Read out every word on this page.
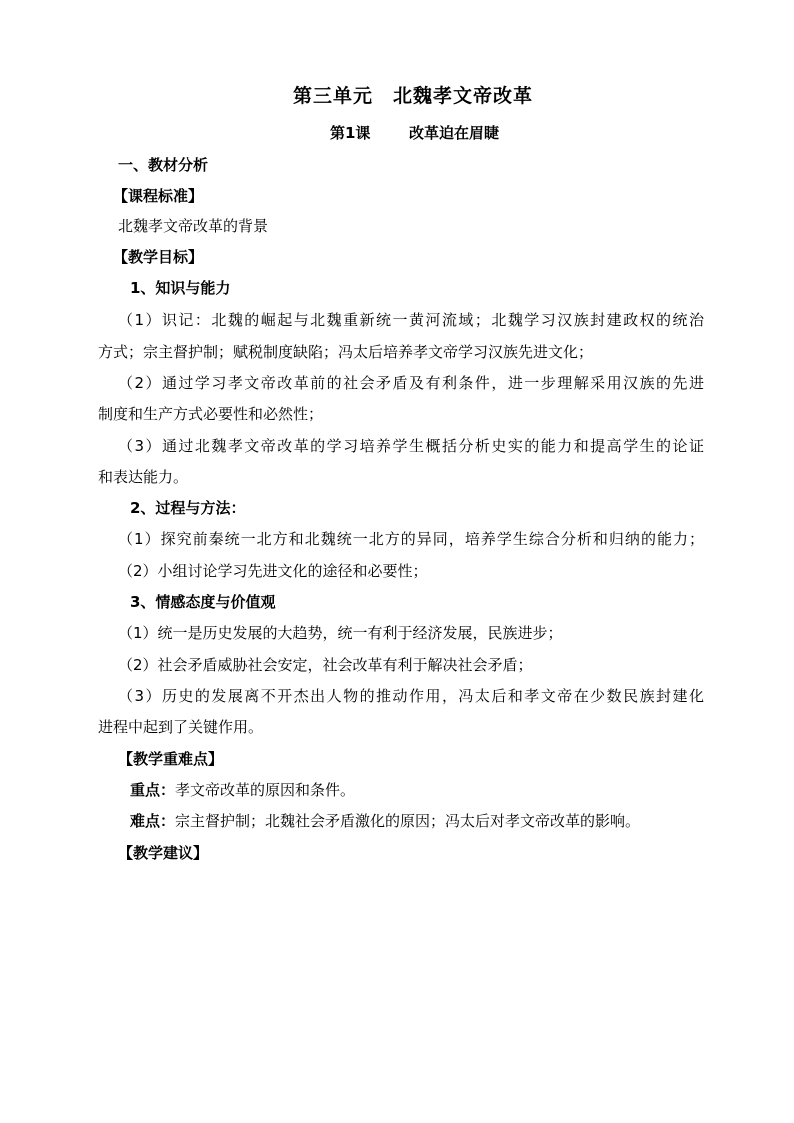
第三单元　北魏孝文帝改革
第1课	改革迫在眉睫
一、教材分析
【课程标准】
北魏孝文帝改革的背景
【教学目标】
1、知识与能力
（1）识记：北魏的崛起与北魏重新统一黄河流域；北魏学习汉族封建政权的统治
方式；宗主督护制；赋税制度缺陷；冯太后培养孝文帝学习汉族先进文化；
（2）通过学习孝文帝改革前的社会矛盾及有利条件，进一步理解采用汉族的先进
制度和生产方式必要性和必然性；
（3）通过北魏孝文帝改革的学习培养学生概括分析史实的能力和提高学生的论证
和表达能力。
2、过程与方法：
（1）探究前秦统一北方和北魏统一北方的异同，培养学生综合分析和归纳的能力；
（2）小组讨论学习先进文化的途径和必要性；
3、情感态度与价值观
（1）统一是历史发展的大趋势，统一有利于经济发展，民族进步；
（2）社会矛盾威胁社会安定，社会改革有利于解决社会矛盾；
（3）历史的发展离不开杰出人物的推动作用，冯太后和孝文帝在少数民族封建化
进程中起到了关键作用。
【教学重难点】
重点：孝文帝改革的原因和条件。
难点：宗主督护制；北魏社会矛盾激化的原因；冯太后对孝文帝改革的影响。
【教学建议】
